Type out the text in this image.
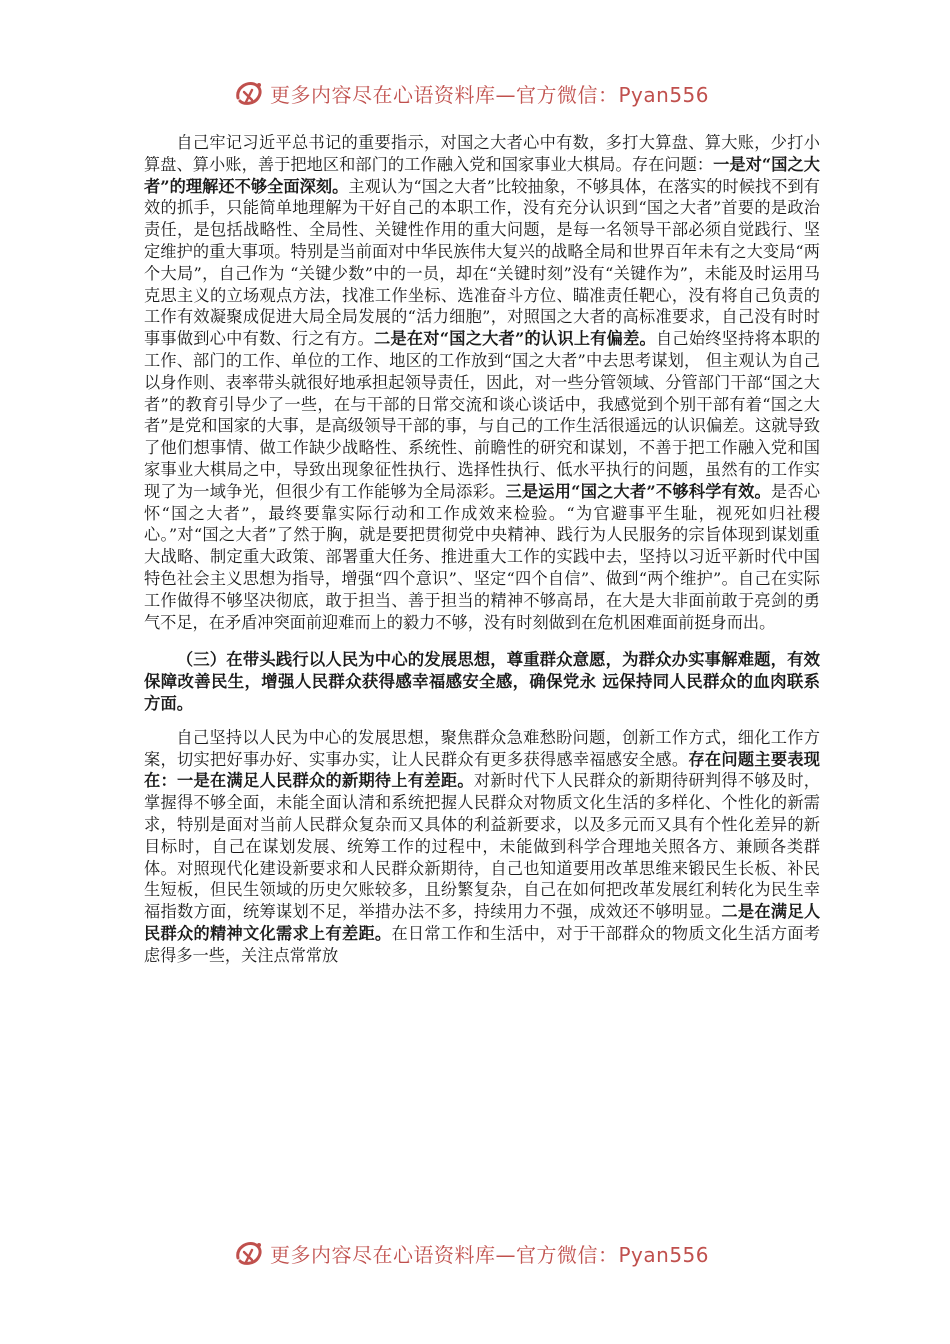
更多内容尽在心语资料库—官方微信：Pyan556

自己牢记习近平总书记的重要指示，对国之大者心中有数，多打大算盘、算大账，少打小算盘、算小账，善于把地区和部门的工作融入党和国家事业大棋局。存在问题：一是对“国之大者”的理解还不够全面深刻。主观认为“国之大者”比较抽象，不够具体，在落实的时候找不到有效的抓手，只能简单地理解为干好自己的本职工作，没有充分认识到“国之大者”首要的是政治责任，是包括战略性、全局性、关键性作用的重大问题，是每一名领导干部必须自觉践行、坚定维护的重大事项。特别是当前面对中华民族伟大复兴的战略全局和世界百年未有之大变局“两个大局”，自己作为 “关键少数”中的一员，却在“关键时刻”没有“关键作为”，未能及时运用马克思主义的立场观点方法，找准工作坐标、选准奋斗方位、瞄准责任靶心，没有将自己负责的工作有效凝聚成促进大局全局发展的“活力细胞”，对照国之大者的高标准要求，自己没有时时事事做到心中有数、行之有方。二是在对“国之大者”的认识上有偏差。自己始终坚持将本职的工作、部门的工作、单位的工作、地区的工作放到“国之大者”中去思考谋划， 但主观认为自己以身作则、表率带头就很好地承担起领导责任，因此，对一些分管领域、分管部门干部“国之大者”的教育引导少了一些，在与干部的日常交流和谈心谈话中，我感觉到个别干部有着“国之大者”是党和国家的大事，是高级领导干部的事，与自己的工作生活很遥远的认识偏差。这就导致了他们想事情、做工作缺少战略性、系统性、前瞻性的研究和谋划，不善于把工作融入党和国家事业大棋局之中，导致出现象征性执行、选择性执行、低水平执行的问题，虽然有的工作实现了为一域争光，但很少有工作能够为全局添彩。三是运用“国之大者”不够科学有效。是否心怀“国之大者”，最终要靠实际行动和工作成效来检验。“为官避事平生耻，视死如归社稷心。”对“国之大者”了然于胸，就是要把贯彻党中央精神、践行为人民服务的宗旨体现到谋划重大战略、制定重大政策、部署重大任务、推进重大工作的实践中去，坚持以习近平新时代中国特色社会主义思想为指导，增强“四个意识”、坚定“四个自信”、做到“两个维护”。自己在实际工作做得不够坚决彻底，敢于担当、善于担当的精神不够高昂，在大是大非面前敢于亮剑的勇气不足，在矛盾冲突面前迎难而上的毅力不够，没有时刻做到在危机困难面前挺身而出。

（三）在带头践行以人民为中心的发展思想，尊重群众意愿，为群众办实事解难题，有效保障改善民生，增强人民群众获得感幸福感安全感，确保党永 远保持同人民群众的血肉联系方面。

自己坚持以人民为中心的发展思想，聚焦群众急难愁盼问题，创新工作方式，细化工作方案，切实把好事办好、实事办实，让人民群众有更多获得感幸福感安全感。存在问题主要表现在：一是在满足人民群众的新期待上有差距。对新时代下人民群众的新期待研判得不够及时，掌握得不够全面，未能全面认清和系统把握人民群众对物质文化生活的多样化、个性化的新需求，特别是面对当前人民群众复杂而又具体的利益新要求，以及多元而又具有个性化差异的新目标时，自己在谋划发展、统筹工作的过程中，未能做到科学合理地关照各方、兼顾各类群体。对照现代化建设新要求和人民群众新期待，自己也知道要用改革思维来锻民生长板、补民生短板，但民生领域的历史欠账较多，且纷繁复杂，自己在如何把改革发展红利转化为民生幸福指数方面，统筹谋划不足，举措办法不多，持续用力不强，成效还不够明显。二是在满足人民群众的精神文化需求上有差距。在日常工作和生活中，对于干部群众的物质文化生活方面考虑得多一些，关注点常常放

更多内容尽在心语资料库—官方微信：Pyan556
